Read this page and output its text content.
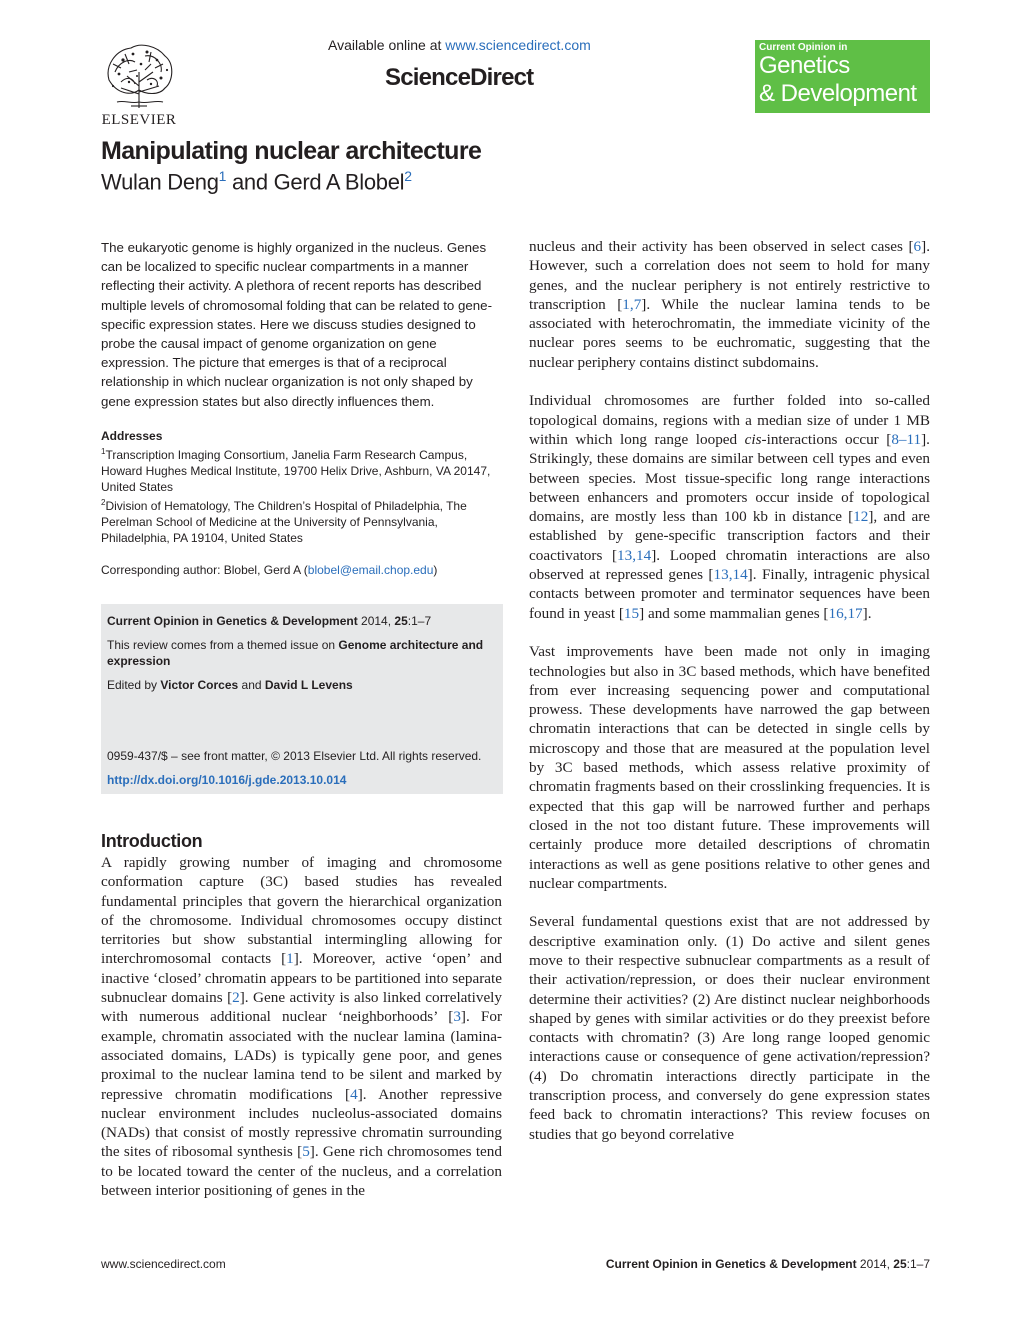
ELSEVIER
Available online at www.sciencedirect.com
ScienceDirect
Current Opinion in
Genetics
& Development
Manipulating nuclear architecture
Wulan Deng$^1$ and Gerd A Blobel$^2$

The eukaryotic genome is highly organized in the nucleus. Genes can be localized to specific nuclear compartments in a manner reflecting their activity. A plethora of recent reports has described multiple levels of chromosomal folding that can be related to gene-specific expression states. Here we discuss studies designed to probe the causal impact of genome organization on gene expression. The picture that emerges is that of a reciprocal relationship in which nuclear organization is not only shaped by gene expression states but also directly influences them.

Addresses

$^1$Transcription Imaging Consortium, Janelia Farm Research Campus, Howard Hughes Medical Institute, 19700 Helix Drive, Ashburn, VA 20147, United States

$^2$Division of Hematology, The Children’s Hospital of Philadelphia, The Perelman School of Medicine at the University of Pennsylvania, Philadelphia, PA 19104, United States

Corresponding author: Blobel, Gerd A (blobel@email.chop.edu)

Current Opinion in Genetics & Development 2014, 25:1–7

This review comes from a themed issue on Genome architecture and expression

Edited by Victor Corces and David L Levens

0959-437/$ – see front matter, © 2013 Elsevier Ltd. All rights reserved.
http://dx.doi.org/10.1016/j.gde.2013.10.014
Introduction

A rapidly growing number of imaging and chromosome conformation capture (3C) based studies has revealed fundamental principles that govern the hierarchical organization of the chromosome. Individual chromosomes occupy distinct territories but show substantial intermingling allowing for interchromosomal contacts [1]. Moreover, active ‘open’ and inactive ‘closed’ chromatin appears to be partitioned into separate subnuclear domains [2]. Gene activity is also linked correlatively with numerous additional nuclear ‘neighborhoods’ [3]. For example, chromatin associated with the nuclear lamina (lamina-associated domains, LADs) is typically gene poor, and genes proximal to the nuclear lamina tend to be silent and marked by repressive chromatin modifications [4]. Another repressive nuclear environment includes nucleolus-associated domains (NADs) that consist of mostly repressive chromatin surrounding the sites of ribosomal synthesis [5]. Gene rich chromosomes tend to be located toward the center of the nucleus, and a correlation between interior positioning of genes in the

nucleus and their activity has been observed in select cases [6]. However, such a correlation does not seem to hold for many genes, and the nuclear periphery is not entirely restrictive to transcription [1,7]. While the nuclear lamina tends to be associated with heterochromatin, the immediate vicinity of the nuclear pores seems to be euchromatic, suggesting that the nuclear periphery contains distinct subdomains.

Individual chromosomes are further folded into so-called topological domains, regions with a median size of under 1 MB within which long range looped cis-interactions occur [8–11]. Strikingly, these domains are similar between cell types and even between species. Most tissue-specific long range interactions between enhancers and promoters occur inside of topological domains, are mostly less than 100 kb in distance [12], and are established by gene-specific transcription factors and their coactivators [13,14]. Looped chromatin interactions are also observed at repressed genes [13,14]. Finally, intragenic physical contacts between promoter and terminator sequences have been found in yeast [15] and some mammalian genes [16,17].

Vast improvements have been made not only in imaging technologies but also in 3C based methods, which have benefited from ever increasing sequencing power and computational prowess. These developments have narrowed the gap between chromatin interactions that can be detected in single cells by microscopy and those that are measured at the population level by 3C based methods, which assess relative proximity of chromatin fragments based on their crosslinking frequencies. It is expected that this gap will be narrowed further and perhaps closed in the not too distant future. These improvements will certainly produce more detailed descriptions of chromatin interactions as well as gene positions relative to other genes and nuclear compartments.

Several fundamental questions exist that are not addressed by descriptive examination only. (1) Do active and silent genes move to their respective subnuclear compartments as a result of their activation/repression, or does their nuclear environment determine their activities? (2) Are distinct nuclear neighborhoods shaped by genes with similar activities or do they preexist before contacts with chromatin? (3) Are long range looped genomic interactions cause or consequence of gene activation/repression? (4) Do chromatin interactions directly participate in the transcription process, and conversely do gene expression states feed back to chromatin interactions? This review focuses on studies that go beyond correlative

www.sciencedirect.com	Current Opinion in Genetics & Development 2014, 25:1–7
